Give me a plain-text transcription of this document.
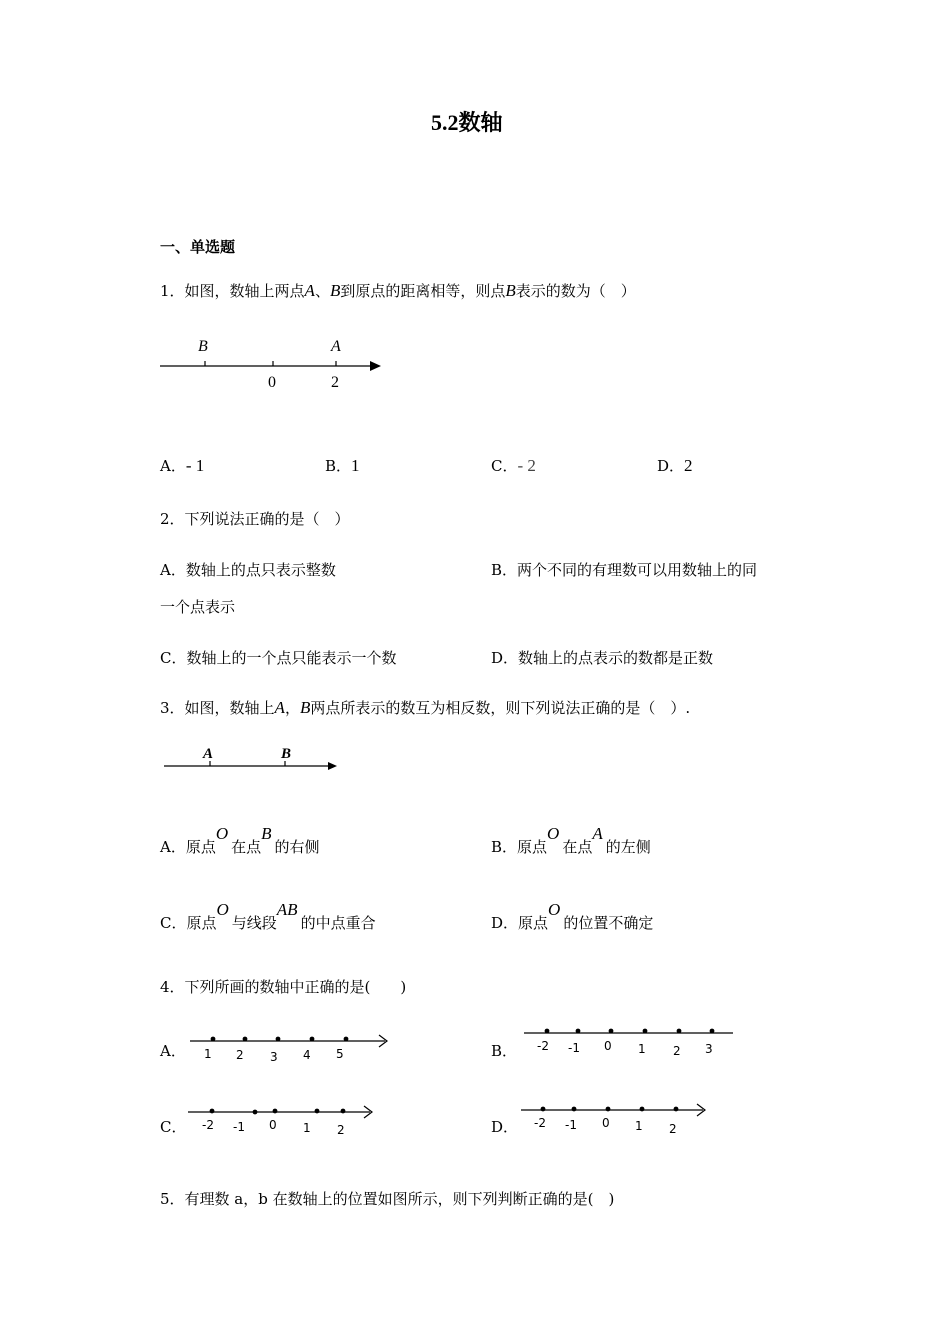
5.2数轴
一、单选题
1．如图，数轴上两点A、B到原点的距离相等，则点B表示的数为（　）
B	A
0	2
A．- 1	B．1	C．- 2	D．2
2．下列说法正确的是（　）
A．数轴上的点只表示整数	B．两个不同的有理数可以用数轴上的同
一个点表示
C．数轴上的一个点只能表示一个数	D．数轴上的点表示的数都是正数
3．如图，数轴上A，B两点所表示的数互为相反数，则下列说法正确的是（　）.
A	B
A．原点O在点B的右侧	B．原点O在点A的左侧
C．原点O与线段AB的中点重合	D．原点O的位置不确定
4．下列所画的数轴中正确的是(　　)
A． 1 2 3 4 5	B． -2 -1 0 1 2 3
C． -2 -1 0 1 2	D． -2 -1 0 1 2
5．有理数 a，b 在数轴上的位置如图所示，则下列判断正确的是(　)
